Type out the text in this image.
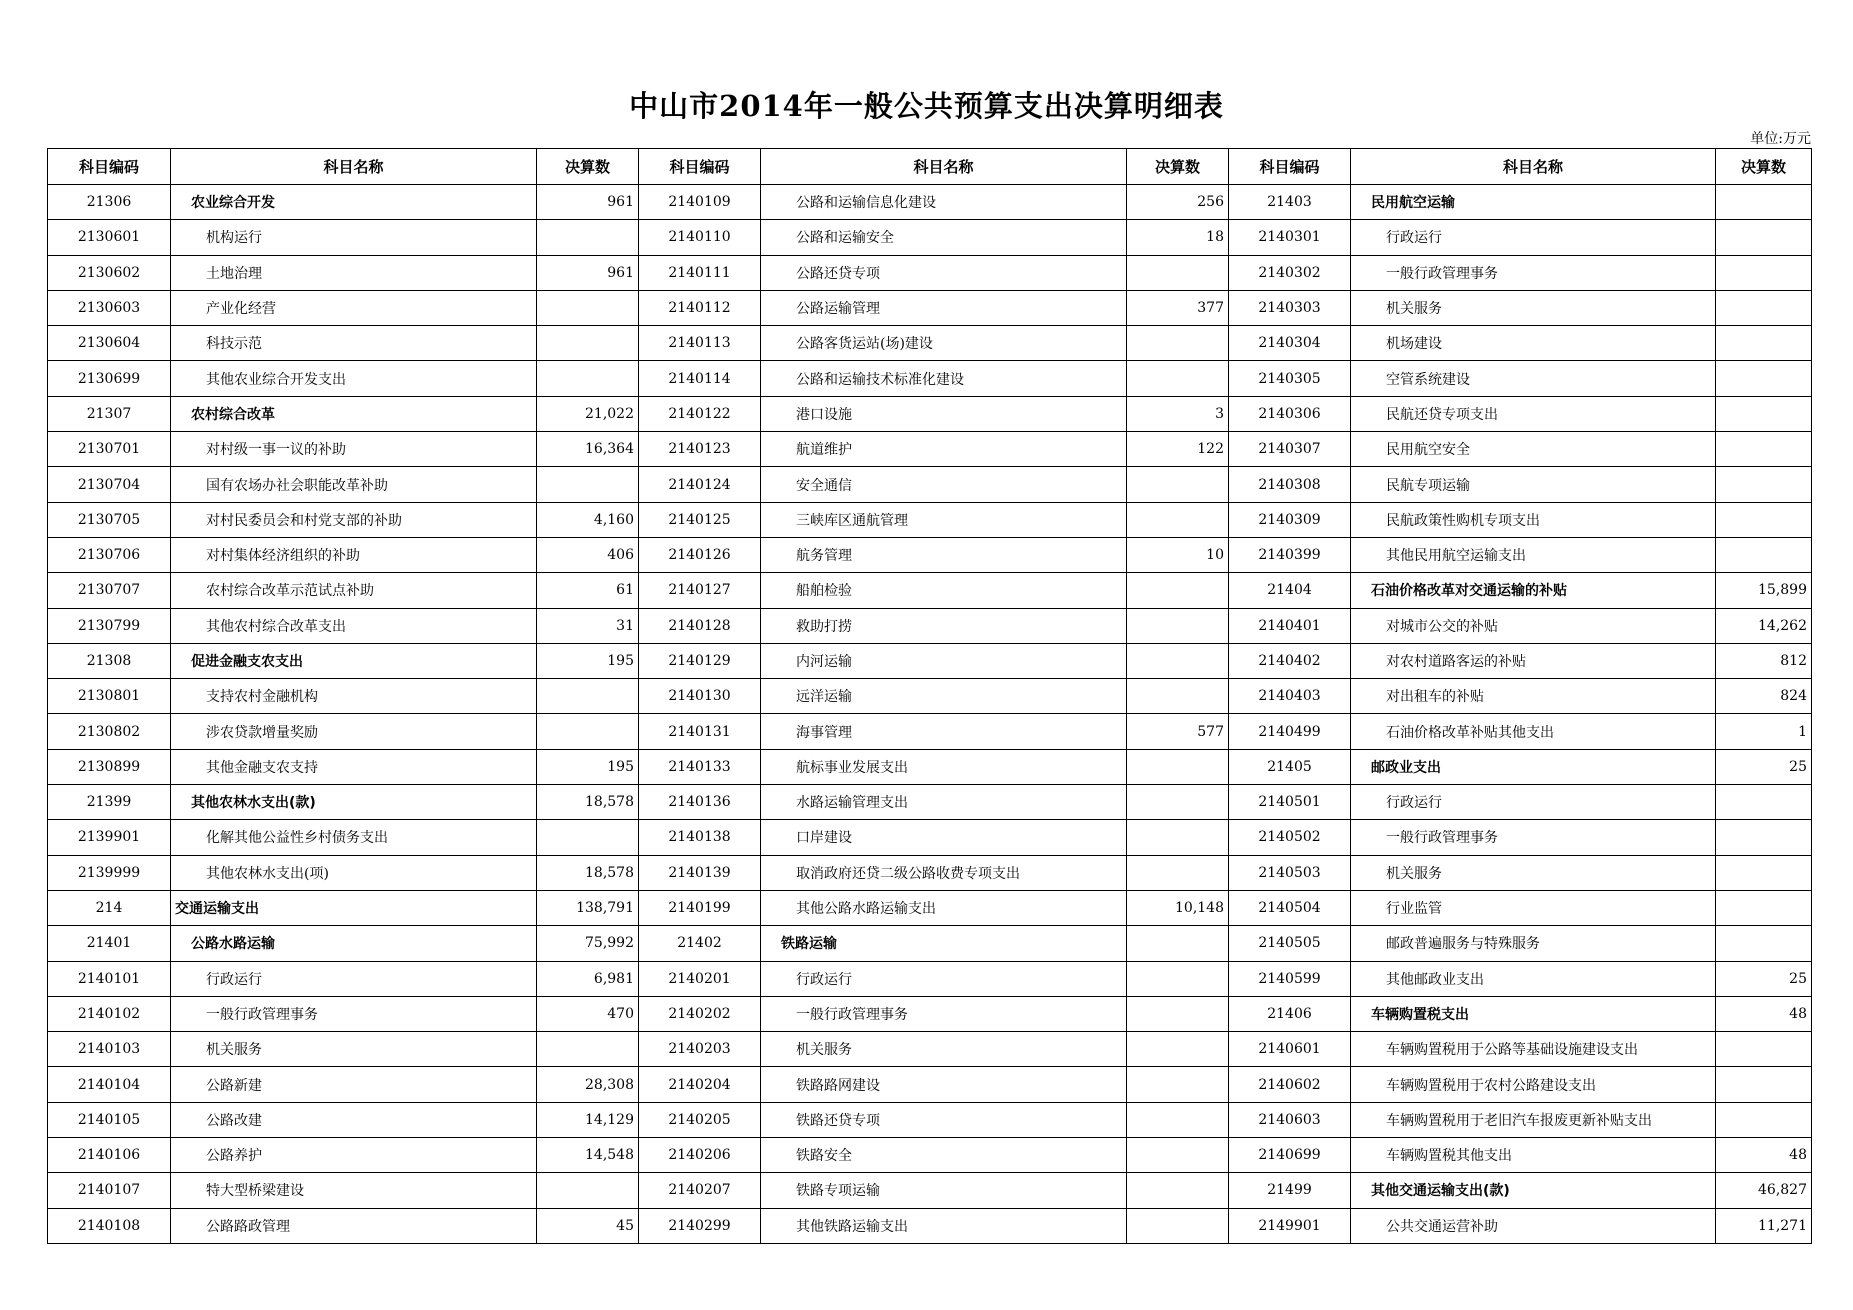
中山市2014年一般公共预算支出决算明细表
单位:万元
科目编码	科目名称	决算数	科目编码	科目名称	决算数	科目编码	科目名称	决算数
21306	农业综合开发	961	2140109	公路和运输信息化建设	256	21403	民用航空运输	
2130601	机构运行		2140110	公路和运输安全	18	2140301	行政运行	
2130602	土地治理	961	2140111	公路还贷专项		2140302	一般行政管理事务	
2130603	产业化经营		2140112	公路运输管理	377	2140303	机关服务	
2130604	科技示范		2140113	公路客货运站(场)建设		2140304	机场建设	
2130699	其他农业综合开发支出		2140114	公路和运输技术标准化建设		2140305	空管系统建设	
21307	农村综合改革	21,022	2140122	港口设施	3	2140306	民航还贷专项支出	
2130701	对村级一事一议的补助	16,364	2140123	航道维护	122	2140307	民用航空安全	
2130704	国有农场办社会职能改革补助		2140124	安全通信		2140308	民航专项运输	
2130705	对村民委员会和村党支部的补助	4,160	2140125	三峡库区通航管理		2140309	民航政策性购机专项支出	
2130706	对村集体经济组织的补助	406	2140126	航务管理	10	2140399	其他民用航空运输支出	
2130707	农村综合改革示范试点补助	61	2140127	船舶检验		21404	石油价格改革对交通运输的补贴	15,899
2130799	其他农村综合改革支出	31	2140128	救助打捞		2140401	对城市公交的补贴	14,262
21308	促进金融支农支出	195	2140129	内河运输		2140402	对农村道路客运的补贴	812
2130801	支持农村金融机构		2140130	远洋运输		2140403	对出租车的补贴	824
2130802	涉农贷款增量奖励		2140131	海事管理	577	2140499	石油价格改革补贴其他支出	1
2130899	其他金融支农支持	195	2140133	航标事业发展支出		21405	邮政业支出	25
21399	其他农林水支出(款)	18,578	2140136	水路运输管理支出		2140501	行政运行	
2139901	化解其他公益性乡村债务支出		2140138	口岸建设		2140502	一般行政管理事务	
2139999	其他农林水支出(项)	18,578	2140139	取消政府还贷二级公路收费专项支出		2140503	机关服务	
214	交通运输支出	138,791	2140199	其他公路水路运输支出	10,148	2140504	行业监管	
21401	公路水路运输	75,992	21402	铁路运输		2140505	邮政普遍服务与特殊服务	
2140101	行政运行	6,981	2140201	行政运行		2140599	其他邮政业支出	25
2140102	一般行政管理事务	470	2140202	一般行政管理事务		21406	车辆购置税支出	48
2140103	机关服务		2140203	机关服务		2140601	车辆购置税用于公路等基础设施建设支出	
2140104	公路新建	28,308	2140204	铁路路网建设		2140602	车辆购置税用于农村公路建设支出	
2140105	公路改建	14,129	2140205	铁路还贷专项		2140603	车辆购置税用于老旧汽车报废更新补贴支出	
2140106	公路养护	14,548	2140206	铁路安全		2140699	车辆购置税其他支出	48
2140107	特大型桥梁建设		2140207	铁路专项运输		21499	其他交通运输支出(款)	46,827
2140108	公路路政管理	45	2140299	其他铁路运输支出		2149901	公共交通运营补助	11,271
